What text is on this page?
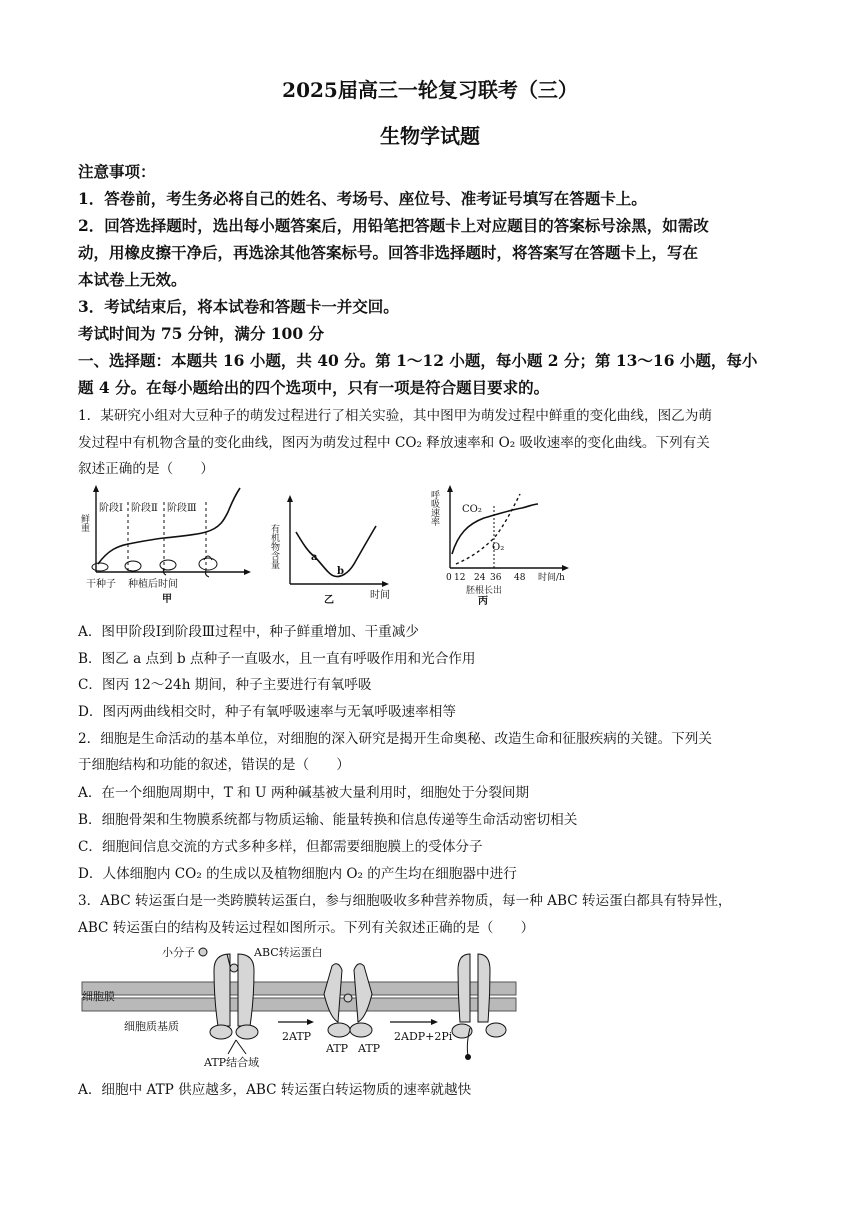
2025届高三一轮复习联考（三）
生物学试题
注意事项：
1．答卷前，考生务必将自己的姓名、考场号、座位号、准考证号填写在答题卡上。
2．回答选择题时，选出每小题答案后，用铅笔把答题卡上对应题目的答案标号涂黑，如需改
动，用橡皮擦干净后，再选涂其他答案标号。回答非选择题时，将答案写在答题卡上，写在
本试卷上无效。
3．考试结束后，将本试卷和答题卡一并交回。
考试时间为 75 分钟，满分 100 分
一、选择题：本题共 16 小题，共 40 分。第 1～12 小题，每小题 2 分；第 13～16 小题，每小
题 4 分。在每小题给出的四个选项中，只有一项是符合题目要求的。
1．某研究小组对大豆种子的萌发过程进行了相关实验，其中图甲为萌发过程中鲜重的变化曲线，图乙为萌
发过程中有机物含量的变化曲线，图丙为萌发过程中 CO₂ 释放速率和 O₂ 吸收速率的变化曲线。下列有关
叙述正确的是（　　）
鲜重
阶段Ⅰ 阶段Ⅱ 阶段Ⅲ
干种子 种植后时间
甲
有机物含量	a
b
时间
乙
呼吸速率 CO₂
O₂
0 12 24 36 48 时间/h
胚根长出
丙
A．图甲阶段Ⅰ到阶段Ⅲ过程中，种子鲜重增加、干重减少
B．图乙 a 点到 b 点种子一直吸水，且一直有呼吸作用和光合作用
C．图丙 12～24h 期间，种子主要进行有氧呼吸
D．图丙两曲线相交时，种子有氧呼吸速率与无氧呼吸速率相等
2．细胞是生命活动的基本单位，对细胞的深入研究是揭开生命奥秘、改造生命和征服疾病的关键。下列关
于细胞结构和功能的叙述，错误的是（　　）
A．在一个细胞周期中，T 和 U 两种碱基被大量利用时，细胞处于分裂间期
B．细胞骨架和生物膜系统都与物质运输、能量转换和信息传递等生命活动密切相关
C．细胞间信息交流的方式多种多样，但都需要细胞膜上的受体分子
D．人体细胞内 CO₂ 的生成以及植物细胞内 O₂ 的产生均在细胞器中进行
3．ABC 转运蛋白是一类跨膜转运蛋白，参与细胞吸收多种营养物质，每一种 ABC 转运蛋白都具有特异性，
ABC 转运蛋白的结构及转运过程如图所示。下列有关叙述正确的是（　　）
小分子	ABC转运蛋白
细胞膜
细胞质基质
ATP结合域
2ATP
ATP ATP
2ADP+2Pi
A．细胞中 ATP 供应越多，ABC 转运蛋白转运物质的速率就越快
